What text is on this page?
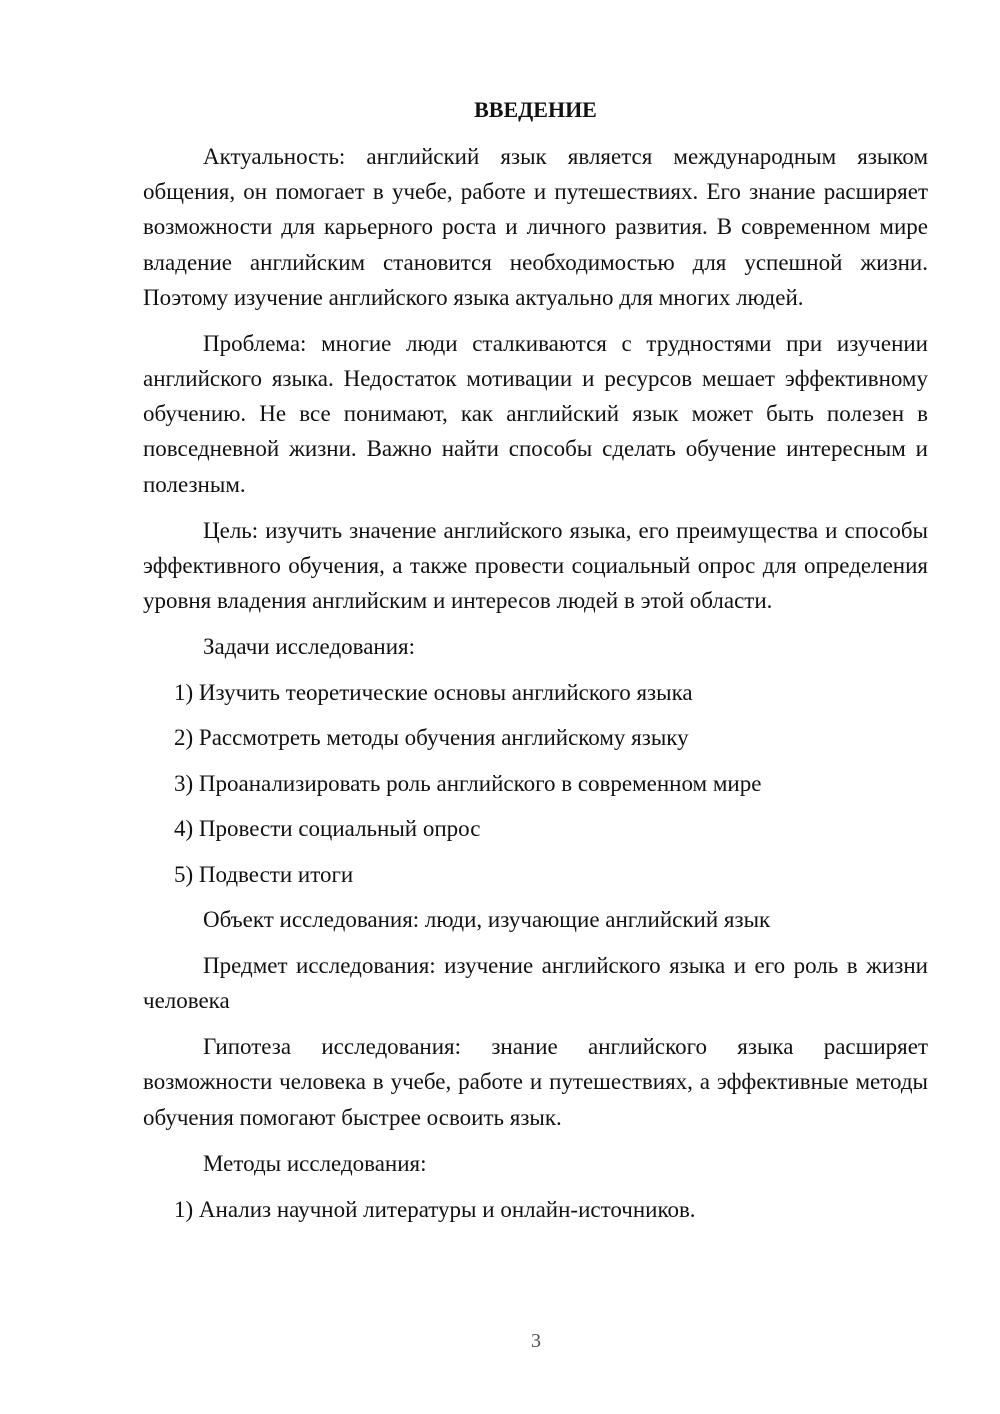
ВВЕДЕНИЕ

Актуальность: английский язык является международным языком общения, он помогает в учебе, работе и путешествиях. Его знание расширяет возможности для карьерного роста и личного развития. В современном мире владение английским становится необходимостью для успешной жизни. Поэтому изучение английского языка актуально для многих людей.

Проблема: многие люди сталкиваются с трудностями при изучении английского языка. Недостаток мотивации и ресурсов мешает эффективному обучению. Не все понимают, как английский язык может быть полезен в повседневной жизни. Важно найти способы сделать обучение интересным и полезным.

Цель: изучить значение английского языка, его преимущества и способы эффективного обучения, а также провести социальный опрос для определения уровня владения английским и интересов людей в этой области.

Задачи исследования:
1) Изучить теоретические основы английского языка
2) Рассмотреть методы обучения английскому языку
3) Проанализировать роль английского в современном мире
4) Провести социальный опрос
5) Подвести итоги

Объект исследования: люди, изучающие английский язык

Предмет исследования: изучение английского языка и его роль в жизни человека

Гипотеза исследования: знание английского языка расширяет возможности человека в учебе, работе и путешествиях, а эффективные методы обучения помогают быстрее освоить язык.

Методы исследования:
1) Анализ научной литературы и онлайн-источников.
3
